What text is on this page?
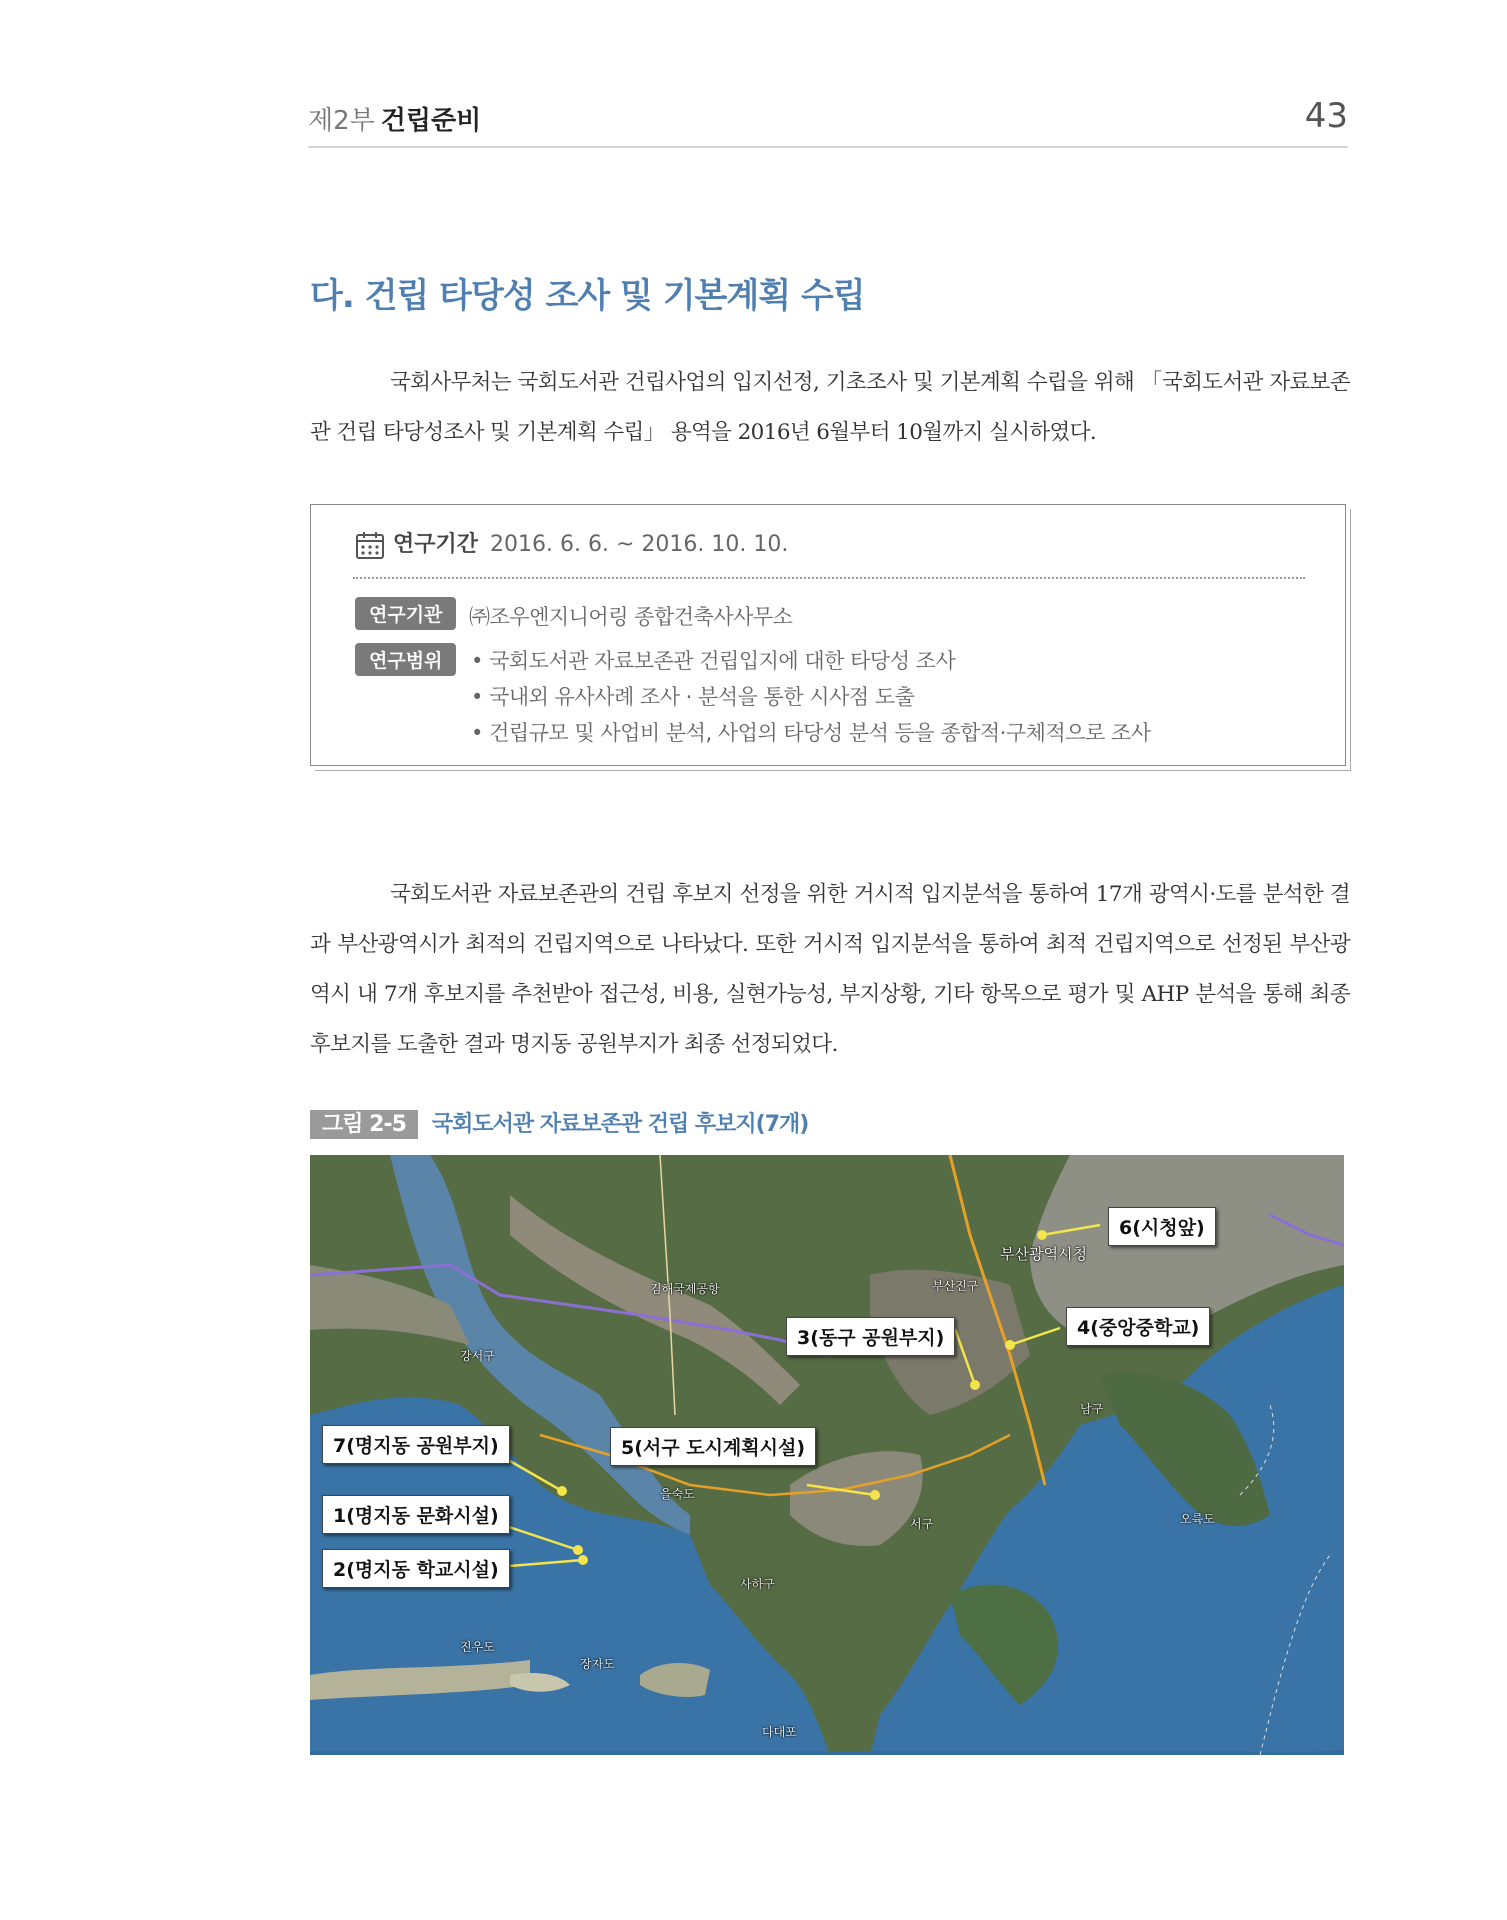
제2부 건립준비	43
다. 건립 타당성 조사 및 기본계획 수립

국회사무처는 국회도서관 건립사업의 입지선정, 기초조사 및 기본계획 수립을 위해 「국회도서관 자료보존관 건립 타당성조사 및 기본계획 수립」 용역을 2016년 6월부터 10월까지 실시하였다.

연구기간 2016. 6. 6. ~ 2016. 10. 10.
연구기관	㈜조우엔지니어링 종합건축사사무소
연구범위
•	국회도서관 자료보존관 건립입지에 대한 타당성 조사
• 국내외 유사사례 조사 · 분석을 통한 시사점 도출
• 건립규모 및 사업비 분석, 사업의 타당성 분석 등을 종합적·구체적으로 조사

국회도서관 자료보존관의 건립 후보지 선정을 위한 거시적 입지분석을 통하여 17개 광역시·도를 분석한 결과 부산광역시가 최적의 건립지역으로 나타났다. 또한 거시적 입지분석을 통하여 최적 건립지역으로 선정된 부산광역시 내 7개 후보지를 추천받아 접근성, 비용, 실현가능성, 부지상황, 기타 항목으로 평가 및 AHP 분석을 통해 최종 후보지를 도출한 결과 명지동 공원부지가 최종 선정되었다.

그림 2-5 국회도서관 자료보존관 건립 후보지(7개)
6(시청앞)
4(중앙중학교)
3(동구 공원부지)
7(명지동 공원부지)	5(서구 도시계획시설)
1(명지동 문화시설)
2(명지동 학교시설)
김해국제공항
부산광역시청
강서구
을숙도
사하구
진우도
장자도
다대포
오륙도
부산진구
남구
서구
